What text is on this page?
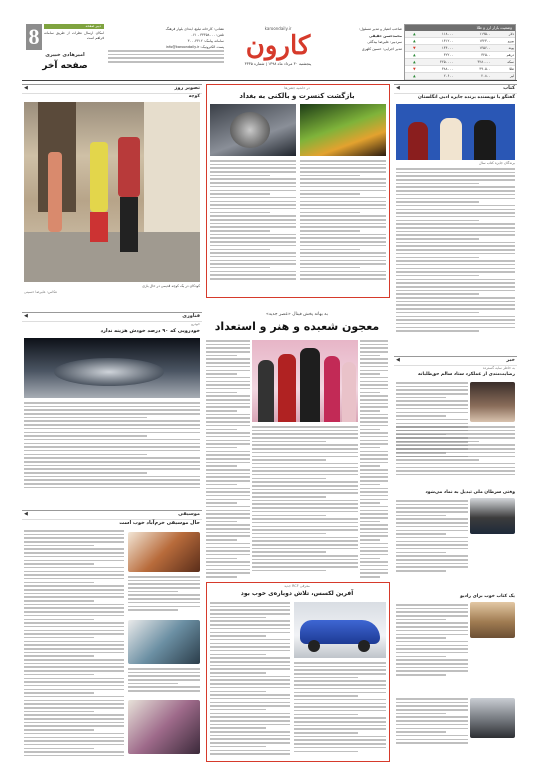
8	دبیر صفحه
امکان ارسال نظرات از طریق سامانه فراهم است
امیرهادی خبیری
صفحه آخر
نشانی: کارخانه تبلیغ، ابتدای بلوار فرهنگ
تلفن: ۳۳۳۵۸۰۰۰ - ۰۶۱
سامانه پیامک: ۳۰۰۰۴۴۱۲
پست الکترونیک: info@karoondaily.ir
karoondaily.ir
کارون
پنجشنبه ۳۰ مرداد ماه ۱۳۹۸ | شماره ۳۳۳۵
صاحب امتیاز و مدیر مسئول:
محمدحسن حقیقی
سردبیر: علیرضا بیدگلی
مدیر اجرایی: حسین کلهری
وضعیت بازار ارز و طلا
دلار	۱۱۹۵۰۰	۱۱۸۰۰۰	▲
یورو	۱۳۲۳۰۰	۱۳۱۲۰۰	▲
پوند	۱۴۵۶۰۰	۱۴۴۰۰۰	▼
درهم	۳۲۵۰۰	۳۲۲۰۰	▲
سکه	۴۲۸۰۰۰۰	۴۲۵۰۰۰۰	▲
طلا	۳۹۰۵۰۰	۳۸۸۰۰۰	▼
لیر	۲۰۸۰۰	۲۰۶۰۰	▲
◀	تصویر روز
کوچه
کودکان در یک کوچه قدیمی در حال بازی
عکاس: علیرضا حسینی
در حاشیه جشن‌ها
بازگشت کنسرت و بالکنی به بغداد
◀	کتاب
گفتگو با نویسنده برنده جایزه ادبی انگلستان
برندگان جایزه کتاب سال
◀	فناوری
خودرو
خودرویی که ۹۰ درصد خودش هزینه ندارد
به بهانه پخش فینال «عصر جدید»
معجون شعبده و هنر و استعداد
◀	خبر
به خاطر سایه گسترده
رضایت‌مندی از عملکرد ستاد سالم حق‌طلبانه
وقتی سرطان ملی تبدیل به نماد می‌شود
یک کتاب خوب برای رادیو
◀	موسیقی
حال موسیقی خرم‌آباد خوب است
معرفی RCF جدید
آفرین لکسس، تلاش دوباره‌ی خوب بود
